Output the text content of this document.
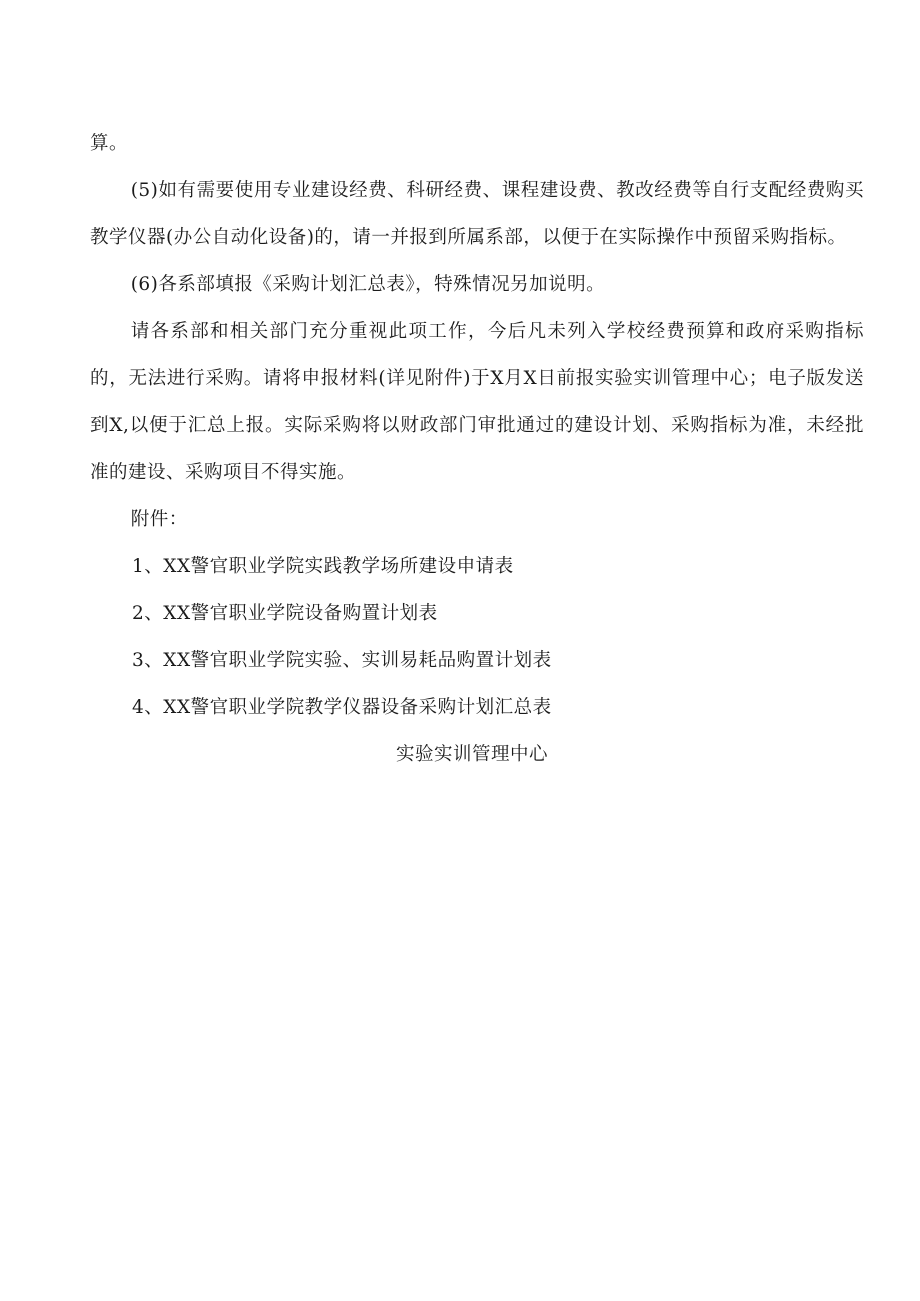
算。

(5)如有需要使用专业建设经费、科研经费、课程建设费、教改经费等自行支配经费购买教学仪器(办公自动化设备)的，请一并报到所属系部，以便于在实际操作中预留采购指标。

(6)各系部填报《采购计划汇总表》，特殊情况另加说明。

请各系部和相关部门充分重视此项工作，今后凡未列入学校经费预算和政府采购指标的，无法进行采购。请将申报材料(详见附件)于X月X日前报实验实训管理中心；电子版发送到X,以便于汇总上报。实际采购将以财政部门审批通过的建设计划、采购指标为准，未经批准的建设、采购项目不得实施。

附件：

1、XX警官职业学院实践教学场所建设申请表

2、XX警官职业学院设备购置计划表

3、XX警官职业学院实验、实训易耗品购置计划表

4、XX警官职业学院教学仪器设备采购计划汇总表

实验实训管理中心
